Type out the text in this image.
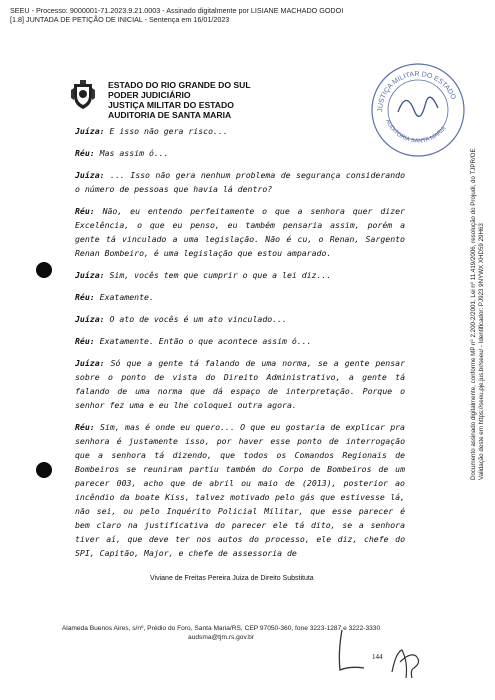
SEEU - Processo: 9000001-71.2023.9.21.0003 - Assinado digitalmente por LISIANE MACHADO GODOI
[1.8] JUNTADA DE PETIÇÃO DE INICIAL - Sentença em 16/01/2023
ESTADO DO RIO GRANDE DO SUL
PODER JUDICIÁRIO
JUSTIÇA MILITAR DO ESTADO
AUDITORIA DE SANTA MARIA	JUSTIÇA MILITAR DO ESTADO
AUDITORIA SANTA MARIA
Documento assinado digitalmente, conforme MP nº 2.200-2/2001, Lei nº 11.419/2006, resolução do Projudi, do TJPR/OE Validação deste em https://seeu.pje.jus.br/seeu/ - Identificador: PJ923 9NYWX XHD59 29H63

Juíza: E isso não gera risco...

Réu: Mas assim ó...

Juíza: ... Isso não gera nenhum problema de segurança considerando o número de pessoas que havia lá dentro?

Réu: Não, eu entendo perfeitamente o que a senhora quer dizer Excelência, o que eu penso, eu também pensaria assim, porém a gente tá vinculado a uma legislação. Não é cu, o Renan, Sargento Renan Bombeiro, é uma legislação que estou amparado.

Juíza: Sim, vocês tem que cumprir o que a lei diz...

Réu: Exatamente.

Juíza: O ato de vocês é um ato vinculado...

Réu: Exatamente. Então o que acontece assim ó...

Juíza: Só que a gente tá falando de uma norma, se a gente pensar sobre o ponto de vista do Direito Administrativo, a gente tá falando de uma norma que dá espaço de interpretação. Porque o senhor fez uma e eu lhe coloquei outra agora.

Réu: Sim, mas é onde eu quero... O que eu gostaria de explicar pra senhora é justamente isso, por haver esse ponto de interrogação que a senhora tá dizendo, que todos os Comandos Regionais de Bombeiros se reuniram partiu também do Corpo de Bombeiros de um parecer 003, acho que de abril ou maio de (2013), posterior ao incêndio da boate Kiss, talvez motivado pelo gás que estivesse lá, não sei, ou pelo Inquérito Policial Militar, que esse parecer é bem claro na justificativa do parecer ele tá dito, se a senhora tiver aí, que deve ter nos autos do processo, ele diz, chefe do SPI, Capitão, Major, e chefe de assessoria de

Viviane de Freitas Pereira Juiza de Direito Substituta
Alameda Buenos Aires, s/nº, Prédio do Foro, Santa Maria/RS, CEP 97050-360, fone 3223-1287 e 3222-3330
audsma@tjm.rs.gov.br
144
